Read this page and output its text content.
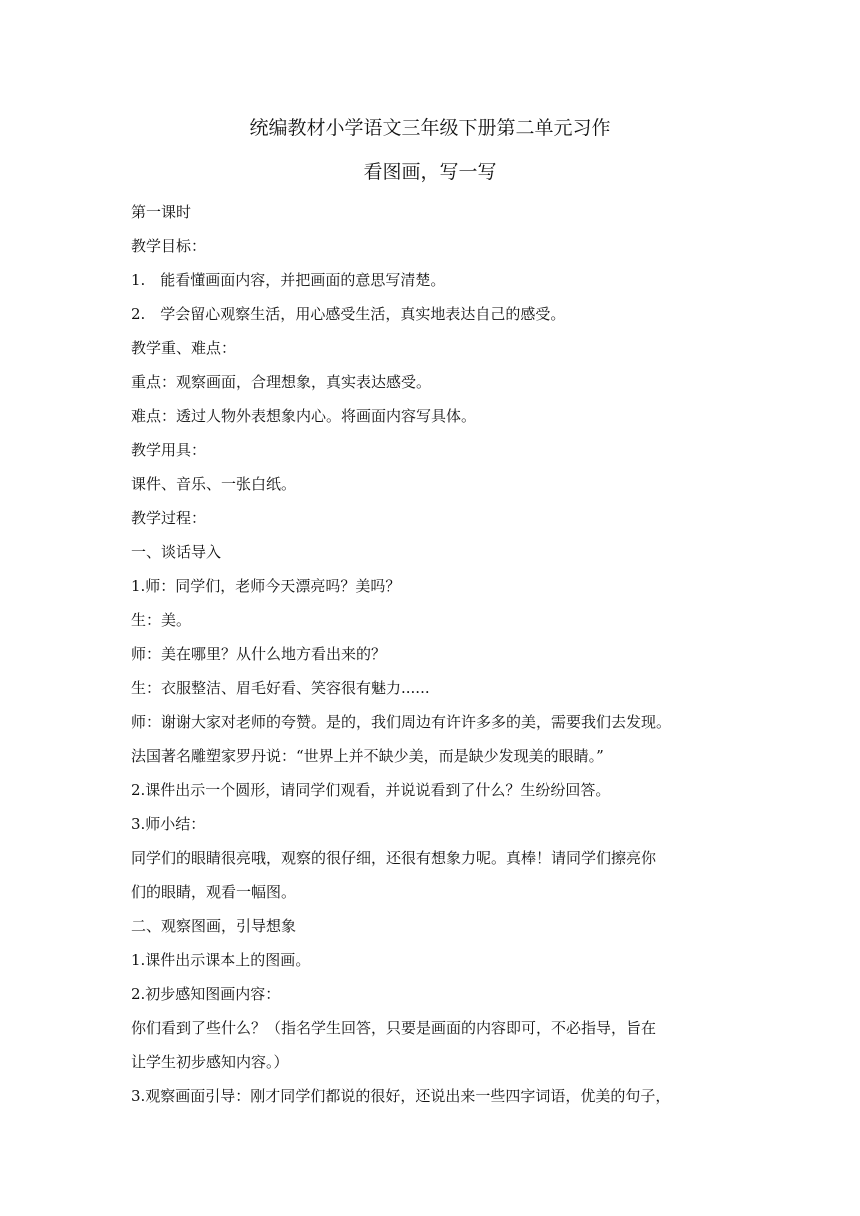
统编教材小学语文三年级下册第二单元习作
看图画，写一写
第一课时
教学目标：
1.　能看懂画面内容，并把画面的意思写清楚。
2.　学会留心观察生活，用心感受生活，真实地表达自己的感受。
教学重、难点：
重点：观察画面，合理想象，真实表达感受。
难点：透过人物外表想象内心。将画面内容写具体。
教学用具：
课件、音乐、一张白纸。
教学过程：
一、谈话导入
1.师：同学们，老师今天漂亮吗？美吗？
生：美。
师：美在哪里？从什么地方看出来的？
生：衣服整洁、眉毛好看、笑容很有魅力......
师：谢谢大家对老师的夸赞。是的，我们周边有许许多多的美，需要我们去发现。
法国著名雕塑家罗丹说：“世界上并不缺少美，而是缺少发现美的眼睛。”
2.课件出示一个圆形，请同学们观看，并说说看到了什么？生纷纷回答。
3.师小结：
同学们的眼睛很亮哦，观察的很仔细，还很有想象力呢。真棒！请同学们擦亮你
们的眼睛，观看一幅图。
二、观察图画，引导想象
1.课件出示课本上的图画。
2.初步感知图画内容：
你们看到了些什么？（指名学生回答，只要是画面的内容即可，不必指导，旨在
让学生初步感知内容。）
3.观察画面引导：刚才同学们都说的很好，还说出来一些四字词语，优美的句子，
